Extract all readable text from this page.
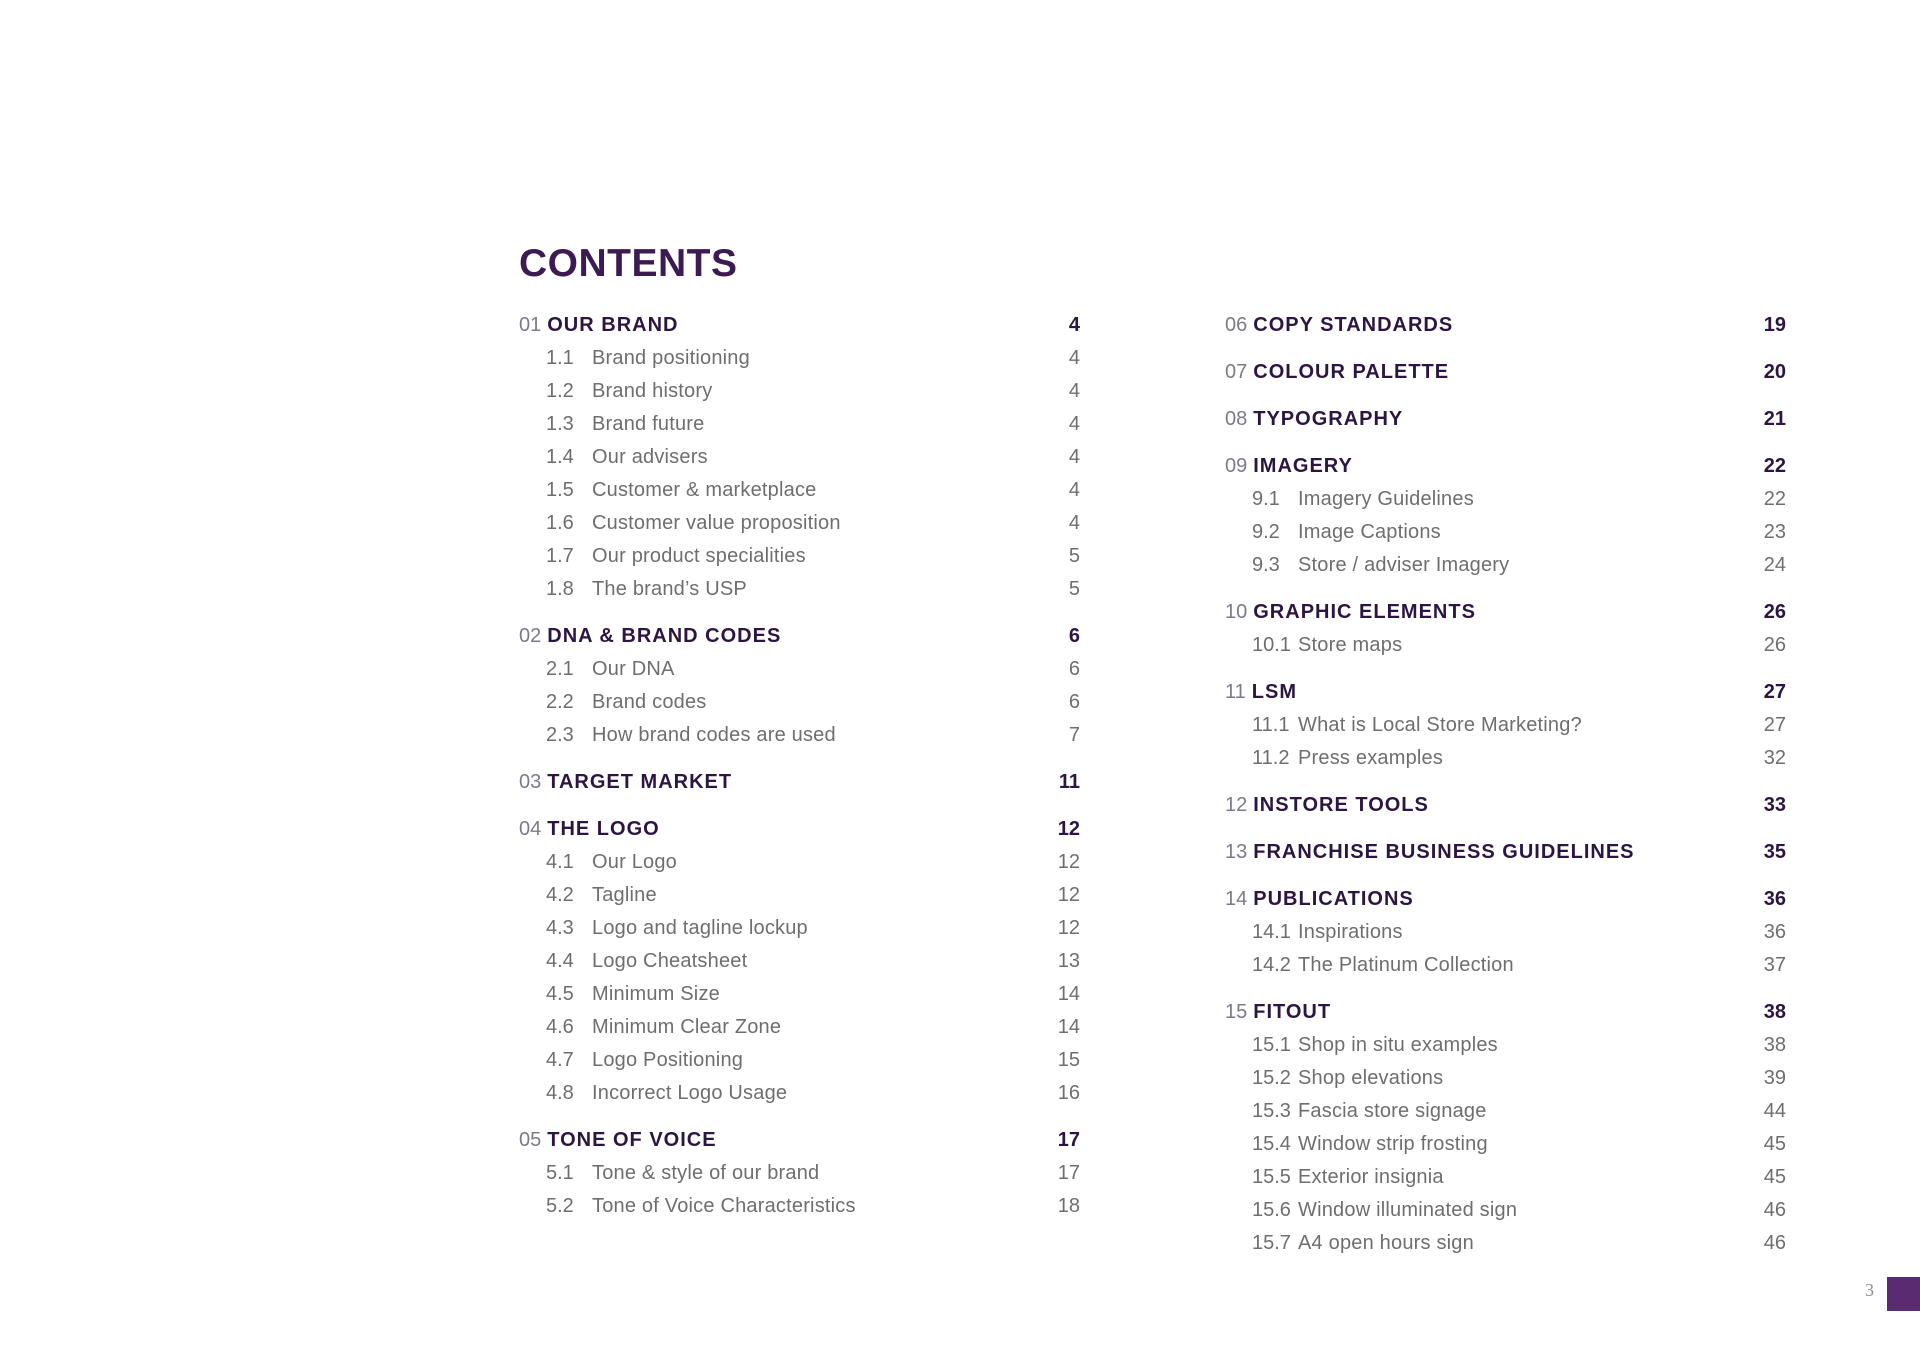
CONTENTS
01 OUR BRAND	4
1.1 Brand positioning	4
1.2 Brand history	4
1.3 Brand future	4
1.4 Our advisers	4
1.5 Customer & marketplace	4
1.6 Customer value proposition	4
1.7 Our product specialities	5
1.8 The brand’s USP	5
02 DNA & BRAND CODES	6
2.1 Our DNA	6
2.2 Brand codes	6
2.3 How brand codes are used	7
03 TARGET MARKET	11
04 THE LOGO	12
4.1 Our Logo	12
4.2 Tagline	12
4.3 Logo and tagline lockup	12
4.4 Logo Cheatsheet	13
4.5 Minimum Size	14
4.6 Minimum Clear Zone	14
4.7 Logo Positioning	15
4.8 Incorrect Logo Usage	16
05 TONE OF VOICE	17
5.1 Tone & style of our brand	17
5.2 Tone of Voice Characteristics	18
06 COPY STANDARDS	19
07 COLOUR PALETTE	20
08 TYPOGRAPHY	21
09 IMAGERY	22
9.1 Imagery Guidelines	22
9.2 Image Captions	23
9.3 Store / adviser Imagery	24
10 GRAPHIC ELEMENTS	26
10.1 Store maps	26
11 LSM	27
11.1 What is Local Store Marketing?	27
11.2 Press examples	32
12 INSTORE TOOLS	33
13 FRANCHISE BUSINESS GUIDELINES	35
14 PUBLICATIONS	36
14.1 Inspirations	36
14.2 The Platinum Collection	37
15 FITOUT	38
15.1 Shop in situ examples	38
15.2 Shop elevations	39
15.3 Fascia store signage	44
15.4 Window strip frosting	45
15.5 Exterior insignia	45
15.6 Window illuminated sign	46
15.7 A4 open hours sign	46
3
